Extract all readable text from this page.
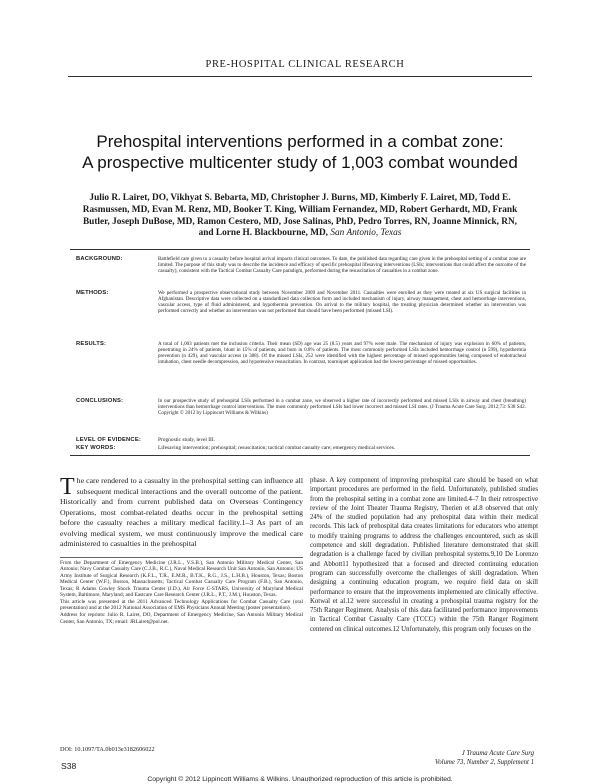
PRE-HOSPITAL CLINICAL RESEARCH
Prehospital interventions performed in a combat zone:
A prospective multicenter study of 1,003 combat wounded
Julio R. Lairet, DO, Vikhyat S. Bebarta, MD, Christopher J. Burns, MD, Kimberly F. Lairet, MD, Todd E. Rasmussen, MD, Evan M. Renz, MD, Booker T. King, William Fernandez, MD, Robert Gerhardt, MD, Frank Butler, Joseph DuBose, MD, Ramon Cestero, MD, Jose Salinas, PhD, Pedro Torres, RN, Joanne Minnick, RN, and Lorne H. Blackbourne, MD, San Antonio, Texas
BACKGROUND:	Battlefield care given to a casualty before hospital arrival impacts clinical outcomes. To date, the published data regarding care given in the prehospital setting of a combat zone are limited. The purpose of this study was to describe the incidence and efficacy of specific prehospital lifesaving interventions (LSIs; interventions that could affect the outcome of the casualty), consistent with the Tactical Combat Casualty Care paradigm, performed during the resuscitation of casualties in a combat zone.
METHODS:	We performed a prospective observational study between November 2009 and November 2011. Casualties were enrolled as they were treated at six US surgical facilities in Afghanistan. Descriptive data were collected on a standardized data collection form and included mechanism of injury, airway management, chest and hemorrhage interventions, vascular access, type of fluid administered, and hypothermia prevention. On arrival to the military hospital, the treating physician determined whether an intervention was performed correctly and whether an intervention was not performed that should have been performed (missed LSI).
RESULTS:	A total of 1,003 patients met the inclusion criteria. Their mean (SD) age was 25 (8.5) years and 97% were male. The mechanism of injury was explosion in 60% of patients, penetrating in 24% of patients, blunt in 15% of patients, and burn in 0.8% of patients. The most commonly performed LSIs included hemorrhage control (n 599), hypothermia prevention (n 429), and vascular access (n 388). Of the missed LSIs, 252 were identified with the highest percentage of missed opportunities being composed of endotracheal intubation, chest needle decompression, and hypotensive resuscitation. In contrast, tourniquet application had the lowest percentage of missed opportunities.
CONCLUSIONS:	In our prospective study of prehospital LSIs performed in a combat zone, we observed a higher rate of incorrectly performed and missed LSIs in airway and chest (breathing) interventions than hemorrhage control interventions. The most commonly performed LSIs had lower incorrect and missed LSI rates. (J Trauma Acute Care Surg. 2012;73: S38 S42. Copyright © 2012 by Lippincott Williams & Wilkins)
LEVEL OF EVIDENCE:	Prognostic study, level III.
KEY WORDS:	Lifesaving intervention; prehospital; resuscitation; tactical combat casualty care; emergency medical services.
The care rendered to a casualty in the prehospital setting can influence all subsequent medical interactions and the overall outcome of the patient. Historically and from current published data on Overseas Contingency Operations, most combat-related deaths occur in the prehospital setting before the casualty reaches a military medical facility.1–3 As part of an evolving medical system, we must continuously improve the medical care administered to casualties in the prehospital
phase. A key component of improving prehospital care should be based on what important procedures are performed in the field. Unfortunately, published studies from the prehospital setting in a combat zone are limited.4–7 In their retrospective review of the Joint Theater Trauma Registry, Therien et al.8 observed that only 24% of the studied population had any prehospital data within their medical records. This lack of prehospital data creates limitations for educators who attempt to modify training programs to address the challenges encountered, such as skill competence and skill degradation. Published literature demonstrated that skill degradation is a challenge faced by civilian prehospital systems.9,10 De Lorenzo and Abbott11 hypothesized that a focused and directed continuing education program can successfully overcome the challenges of skill degradation. When designing a continuing education program, we require field data on skill performance to ensure that the improvements implemented are clinically effective. Kotwal et al.12 were successful in creating a prehospital trauma registry for the 75th Ranger Regiment. Analysis of this data facilitated performance improvements in Tactical Combat Casualty Care (TCCC) within the 75th Ranger Regiment centered on clinical outcomes.12 Unfortunately, this program only focuses on the

From the Department of Emergency Medicine (J.R.L., V.S.B.), San Antonio Military Medical Center, San Antonio; Navy Combat Casualty Care (C.J.B., R.C.), Naval Medical Research Unit San Antonio, San Antonio; US Army Institute of Surgical Research (K.F.L., T.R., E.M.R., B.T.K., R.G., J.S., L.H.B.), Houston, Texas; Boston Medical Center (W.F.), Boston, Massachusetts; Tactical Combat Casualty Care Program (F.B.), San Antonio, Texas; R Adams Cowley Shock Trauma Center (J.D.), Air Force C-STARS, University of Maryland Medical System, Baltimore, Maryland; and Eastcare Care Research Center (J.R.L., P.T., J.M.), Houston, Texas.

This article was presented at the 2011 Advanced Technology Applications for Combat Casualty Care (oral presentation) and at the 2012 National Association of EMS Physicians Annual Meeting (poster presentation).

Address for reprints: Julio R. Lairet, DO, Department of Emergency Medicine, San Antonio Military Medical Center, San Antonio, TX; email: JRLairet@pol.net.

DOI: 10.1097/TA.0b013e3182606022
S38
J Trauma Acute Care Surg
Volume 73, Number 2, Supplement 1
Copyright © 2012 Lippincott Williams & Wilkins. Unauthorized reproduction of this article is prohibited.
